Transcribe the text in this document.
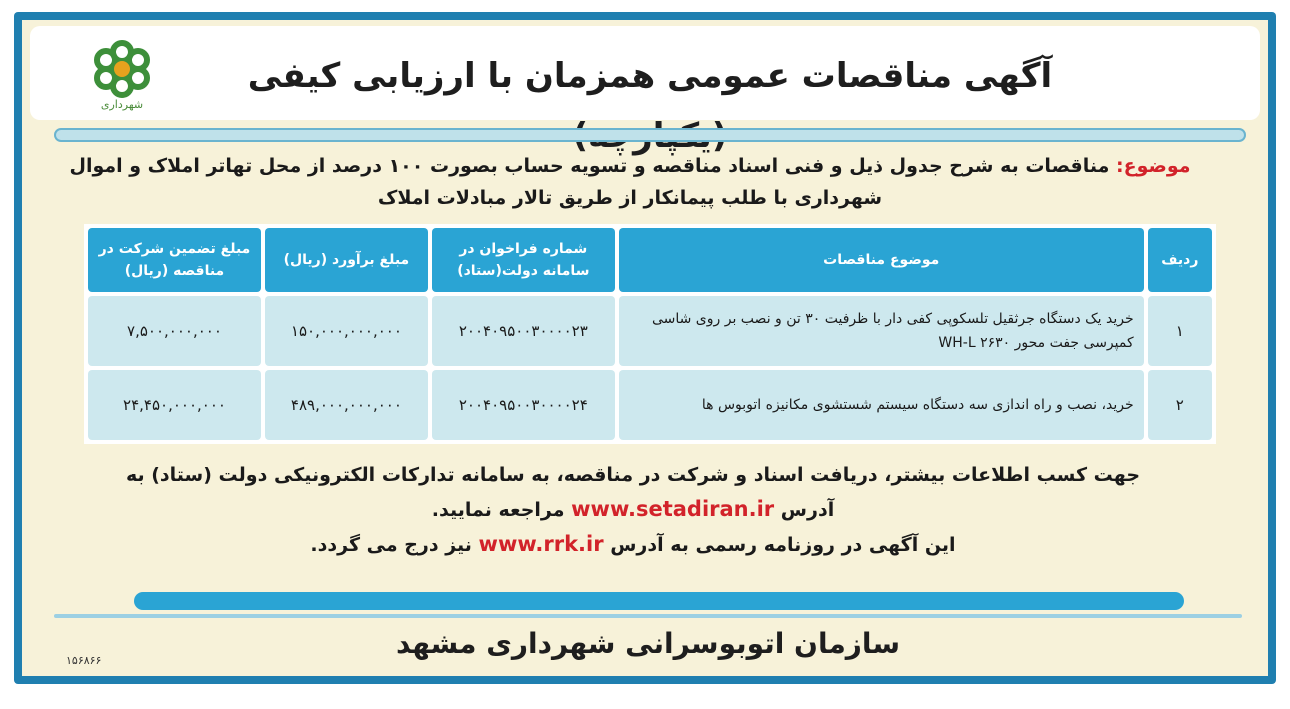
شهرداری
آگهی مناقصات عمومی همزمان با ارزیابی کیفی
موضوع: مناقصات به شرح جدول ذیل و فنی اسناد مناقصه و تسویه حساب بصورت ۱۰۰ درصد از محل تهاتر املاک و اموال شهرداری با طلب پیمانکار از طریق تالار مبادلات املاک
ردیف	موضوع مناقصات	شماره فراخوان در سامانه دولت(ستاد)	مبلغ برآورد (ریال)	مبلغ تضمین شرکت در مناقصه (ریال)
۱	خرید یک دستگاه جرثقیل تلسکوپی کفی دار با ظرفیت ۳۰ تن و نصب بر روی شاسی کمپرسی جفت محور ۲۶۳۰ WH-L	۲۰۰۴۰۹۵۰۰۳۰۰۰۰۲۳	۱۵۰,۰۰۰,۰۰۰,۰۰۰	۷,۵۰۰,۰۰۰,۰۰۰
۲	خرید، نصب و راه اندازی سه دستگاه سیستم شستشوی مکانیزه اتوبوس ها	۲۰۰۴۰۹۵۰۰۳۰۰۰۰۲۴	۴۸۹,۰۰۰,۰۰۰,۰۰۰	۲۴,۴۵۰,۰۰۰,۰۰۰
جهت کسب اطلاعات بیشتر، دریافت اسناد و شرکت در مناقصه، به سامانه تدارکات الکترونیکی دولت (ستاد) به
آدرس www.setadiran.ir مراجعه نمایید.
این آگهی در روزنامه رسمی به آدرس www.rrk.ir نیز درج می گردد.
سازمان اتوبوسرانی شهرداری مشهد
۱۵۶۸۶۶
